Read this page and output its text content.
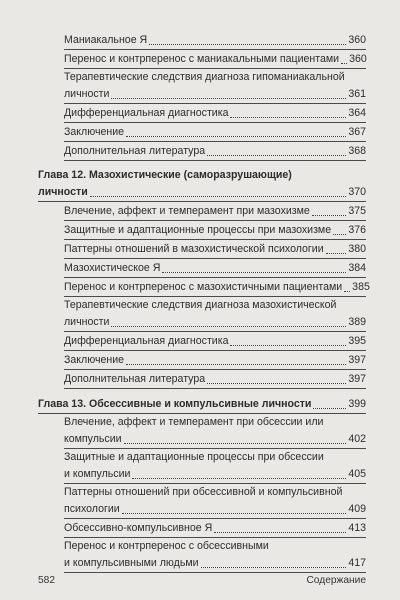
Маниакальное Я	360
Перенос и контрперенос с маниакальными пациентами 360
Терапевтические следствия диагноза гипоманиакальной
личности	361
Дифференциальная диагностика	364
Заключение	367
Дополнительная литература	368
Глава 12. Мазохистические (саморазрушающие)
личности	370
Влечение, аффект и темперамент при мазохизме	375
Защитные и адаптационные процессы при мазохизме 376
Паттерны отношений в мазохистической психологии 380
Мазохистическое Я	384
Перенос и контрперенос с мазохистичными пациентами 385
Терапевтические следствия диагноза мазохистической
личности	389
Дифференциальная диагностика	395
Заключение	397
Дополнительная литература	397
Глава 13. Обсессивные и компульсивные личности	399
Влечение, аффект и темперамент при обсессии или
компульсии	402
Защитные и адаптационные процессы при обсессии
и компульсии	405
Паттерны отношений при обсессивной и компульсивной
психологии	409
Обсессивно-компульсивное Я	413
Перенос и контрперенос с обсессивными
и компульсивными людьми	417
582	Содержание
